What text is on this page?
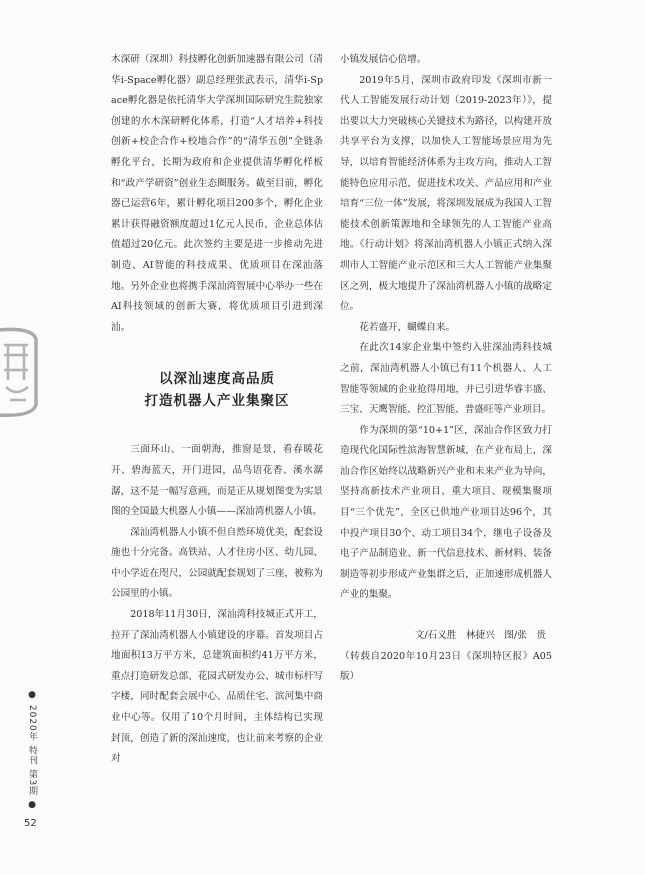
木深研（深圳）科技孵化创新加速器有限公司（清华i-Space孵化器）副总经理张武表示，清华i-Space孵化器是依托清华大学深圳国际研究生院独家创建的水木深研孵化体系，打造“人才培养+科技创新+校企合作+校地合作”的“清华五创”全链条孵化平台，长期为政府和企业提供清华孵化样板和“政产学研资”创业生态圈服务。截至目前，孵化器已运营6年，累计孵化项目200多个，孵化企业累计获得融资额度超过1亿元人民币，企业总体估值超过20亿元。此次签约主要是进一步推动先进制造、AI智能的科技成果、优质项目在深汕落地。另外企业也将携手深汕湾智展中心举办一些在AI科技领域的创新大赛，将优质项目引进到深汕。

以深汕速度高品质
打造机器人产业集聚区

三面环山、一面朝海，推窗是景，看春暖花开、碧海蓝天，开门进园，品鸟语花香、溪水潺潺，这不是一幅写意画，而是正从规划图变为实景图的全国最大机器人小镇——深汕湾机器人小镇。

深汕湾机器人小镇不但自然环境优美，配套设施也十分完备。高铁站、人才住房小区、幼儿园、中小学近在咫尺，公园就配套规划了三座，被称为公园里的小镇。

2018年11月30日，深汕湾科技城正式开工，拉开了深汕湾机器人小镇建设的序幕。首发项目占地面积13万平方米，总建筑面积约41万平方米，重点打造研发总部、花园式研发办公、城市标杆写字楼，同时配套会展中心、品质住宅、滨河集中商业中心等。仅用了10个月时间，主体结构已实现封顶，创造了新的深汕速度，也让前来考察的企业对

小镇发展信心倍增。

2019年5月，深圳市政府印发《深圳市新一代人工智能发展行动计划（2019-2023年）》，提出要以大力突破核心关键技术为路径，以构建开放共享平台为支撑，以加快人工智能场景应用为先导，以培育智能经济体系为主攻方向，推动人工智能特色应用示范，促进技术攻关、产品应用和产业培育“三位一体”发展，将深圳发展成为我国人工智能技术创新策源地和全球领先的人工智能产业高地。《行动计划》将深汕湾机器人小镇正式纳入深圳市人工智能产业示范区和三大人工智能产业集聚区之列，极大地提升了深汕湾机器人小镇的战略定位。

花若盛开，蝴蝶自来。

在此次14家企业集中签约入驻深汕湾科技城之前，深汕湾机器人小镇已有11个机器人、人工智能等领域的企业抢得用地，并已引进华睿丰盛、三宝、天鹰智能、控汇智能、普盛旺等产业项目。

作为深圳的第“10+1”区，深汕合作区致力打造现代化国际性滨海智慧新城，在产业布局上，深汕合作区始终以战略新兴产业和未来产业为导向，坚持高新技术产业项目、重大项目、规模集聚项目“三个优先”，全区已供地产业项目达96个，其中投产项目30个、动工项目34个，继电子设备及电子产品制造业、新一代信息技术、新材料、装备制造等初步形成产业集群之后，正加速形成机器人产业的集聚。

文/石义胜　林捷兴　图/张　贵

（转载自2020年10月23日《深圳特区报》A05版）

● 2020年 特刊 第3期 ●
52
